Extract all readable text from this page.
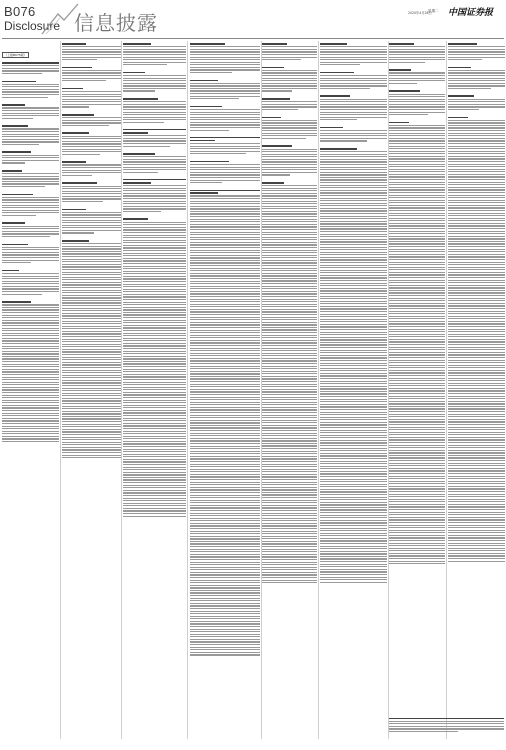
B076
Disclosure 信息披露	2020年4月28日
星期二 中国证券报
（上接B075版）
